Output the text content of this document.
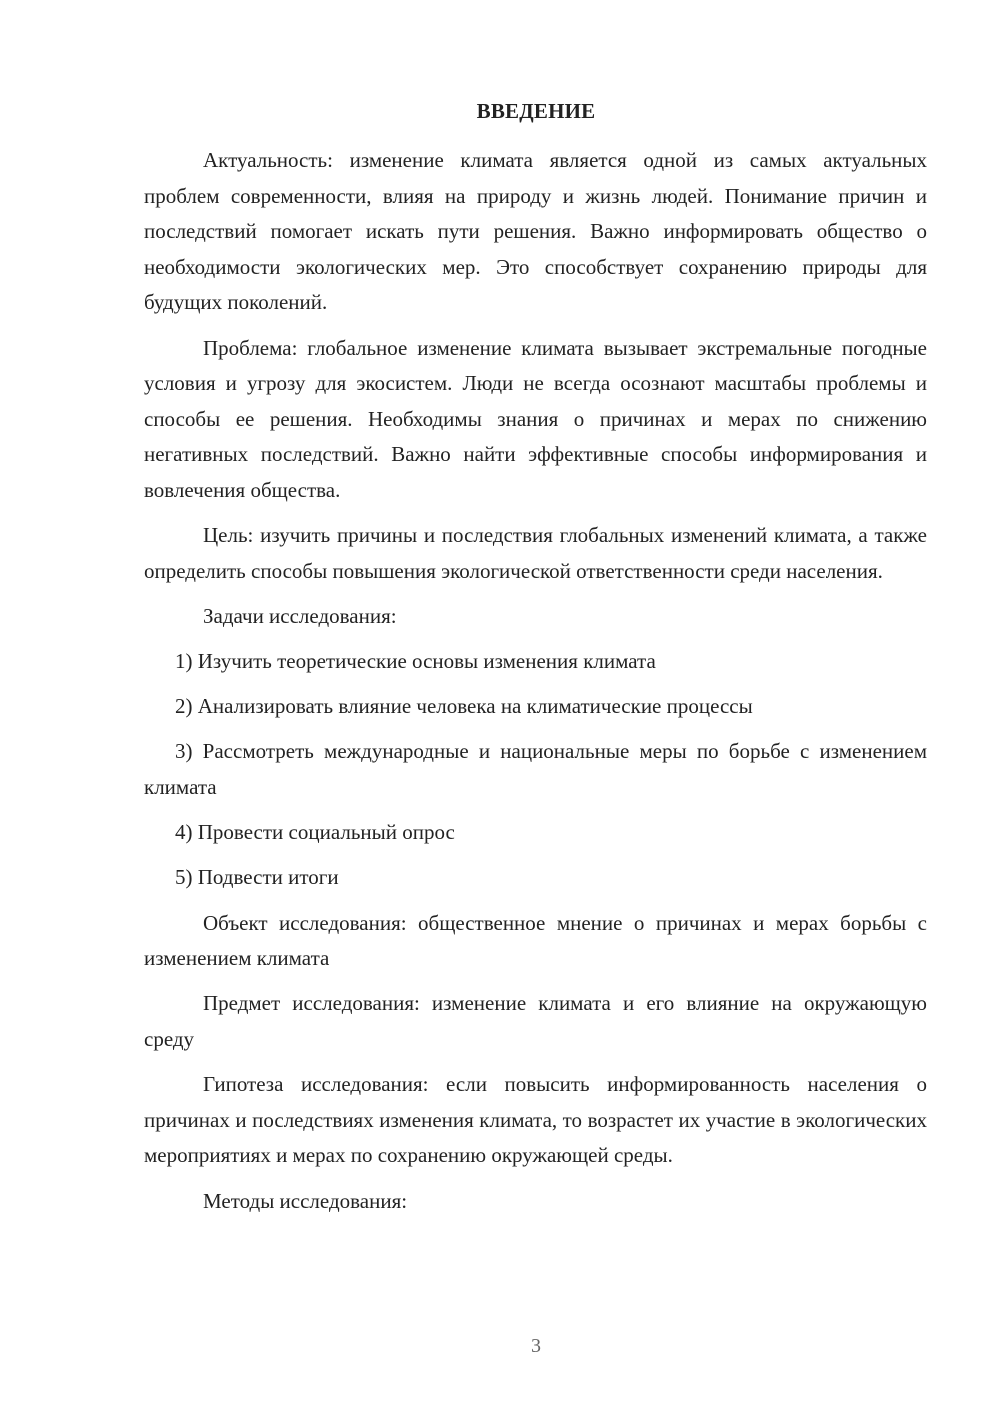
ВВЕДЕНИЕ

Актуальность: изменение климата является одной из самых актуальных проблем современности, влияя на природу и жизнь людей. Понимание причин и последствий помогает искать пути решения. Важно информировать общество о необходимости экологических мер. Это способствует сохранению природы для будущих поколений.

Проблема: глобальное изменение климата вызывает экстремальные погодные условия и угрозу для экосистем. Люди не всегда осознают масштабы проблемы и способы ее решения. Необходимы знания о причинах и мерах по снижению негативных последствий. Важно найти эффективные способы информирования и вовлечения общества.

Цель: изучить причины и последствия глобальных изменений климата, а также определить способы повышения экологической ответственности среди населения.

Задачи исследования:

1) Изучить теоретические основы изменения климата

2) Анализировать влияние человека на климатические процессы

3) Рассмотреть международные и национальные меры по борьбе с изменением климата

4) Провести социальный опрос

5) Подвести итоги

Объект исследования: общественное мнение о причинах и мерах борьбы с изменением климата

Предмет исследования: изменение климата и его влияние на окружающую среду

Гипотеза исследования: если повысить информированность населения о причинах и последствиях изменения климата, то возрастет их участие в экологических мероприятиях и мерах по сохранению окружающей среды.

Методы исследования:

3
